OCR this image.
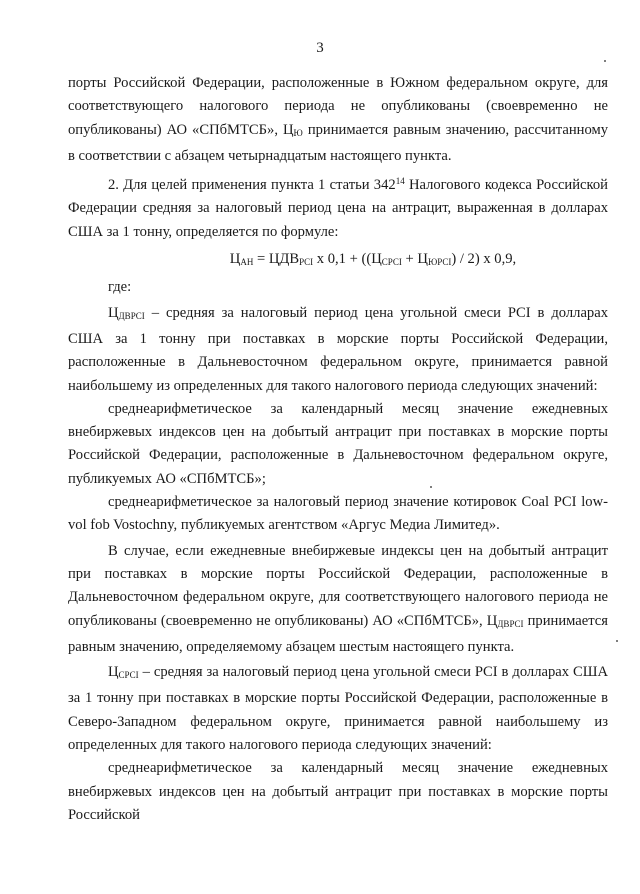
3

порты Российской Федерации, расположенные в Южном федеральном округе, для соответствующего налогового периода не опубликованы (своевременно не опубликованы) АО «СПбМТСБ», $Ц_Ю$ принимается равным значению, рассчитанному в соответствии с абзацем четырнадцатым настоящего пункта.

2. Для целей применения пункта 1 статьи $342^{14}$ Налогового кодекса Российской Федерации средняя за налоговый период цена на антрацит, выраженная в долларах США за 1 тонну, определяется по формуле:

$Ц_{АН} = ЦДВ_{PCI}$ x $0,1 + ((Ц_{СРСI} + Ц_{ЮРСI}) / 2)$ x 0,9,

где:

$Ц_{ДВРСI}$ – средняя за налоговый период цена угольной смеси PCI в долларах США за 1 тонну при поставках в морские порты Российской Федерации, расположенные в Дальневосточном федеральном округе, принимается равной наибольшему из определенных для такого налогового периода следующих значений:

среднеарифметическое за календарный месяц значение ежедневных внебиржевых индексов цен на добытый антрацит при поставках в морские порты Российской Федерации, расположенные в Дальневосточном федеральном округе, публикуемых АО «СПбМТСБ»;

среднеарифметическое за налоговый период значение котировок Coal PCI low-vol fob Vostochny, публикуемых агентством «Аргус Медиа Лимитед».

В случае, если ежедневные внебиржевые индексы цен на добытый антрацит при поставках в морские порты Российской Федерации, расположенные в Дальневосточном федеральном округе, для соответствующего налогового периода не опубликованы (своевременно не опубликованы) АО «СПбМТСБ», $Ц_{ДВРСI}$ принимается равным значению, определяемому абзацем шестым настоящего пункта.

$Ц_{СРСI}$ – средняя за налоговый период цена угольной смеси PCI в долларах США за 1 тонну при поставках в морские порты Российской Федерации, расположенные в Северо-Западном федеральном округе, принимается равной наибольшему из определенных для такого налогового периода следующих значений:

среднеарифметическое за календарный месяц значение ежедневных внебиржевых индексов цен на добытый антрацит при поставках в морские порты Российской
